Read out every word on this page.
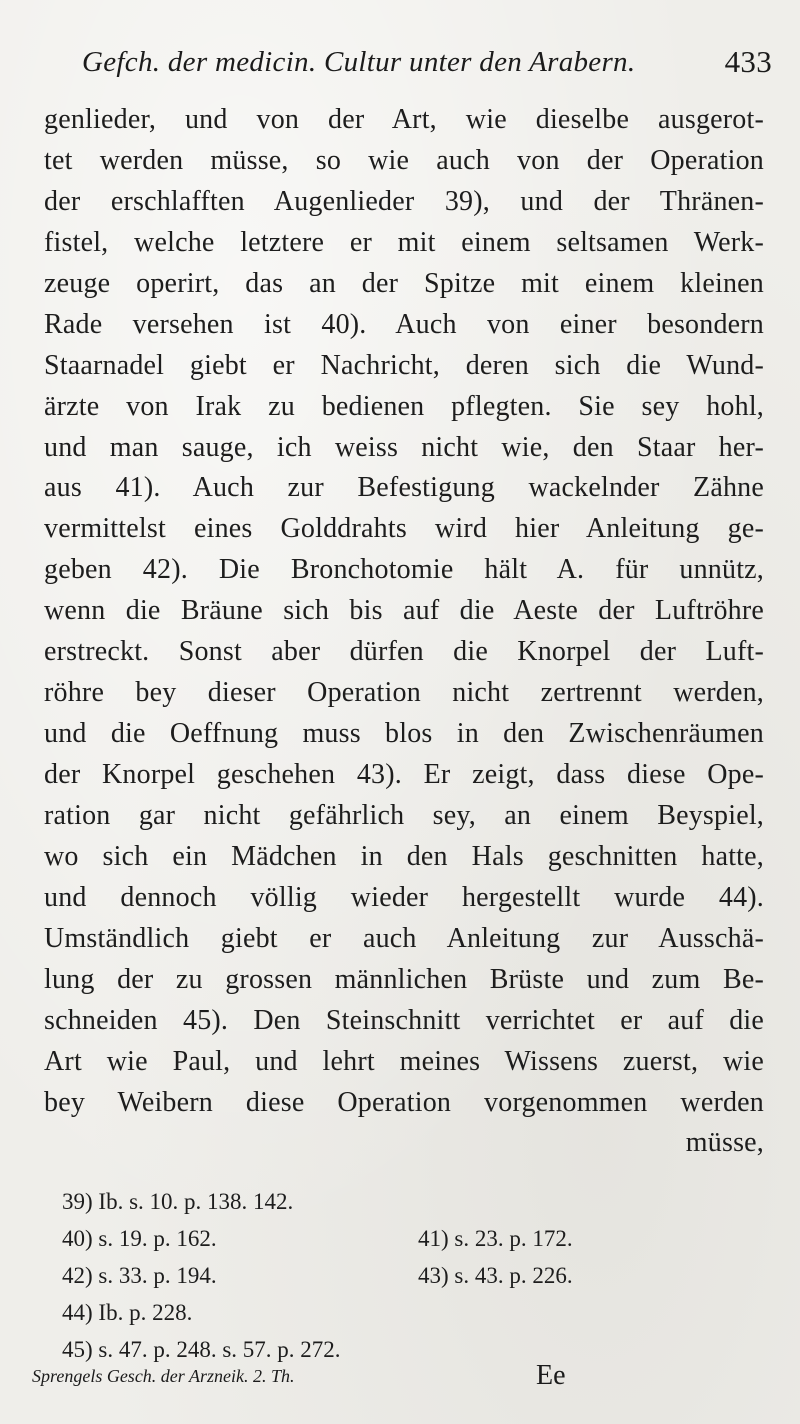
Gefch. der medicin. Cultur unter den Arabern.	433
genlieder, und von der Art, wie dieselbe ausgerot-
tet werden müsse, so wie auch von der Operation
der erschlafften Augenlieder 39), und der Thränen-
fistel, welche letztere er mit einem seltsamen Werk-
zeuge operirt, das an der Spitze mit einem kleinen
Rade versehen ist 40). Auch von einer besondern
Staarnadel giebt er Nachricht, deren sich die Wund-
ärzte von Irak zu bedienen pflegten. Sie sey hohl,
und man sauge, ich weiss nicht wie, den Staar her-
aus 41). Auch zur Befestigung wackelnder Zähne
vermittelst eines Golddrahts wird hier Anleitung ge-
geben 42). Die Bronchotomie hält A. für unnütz,
wenn die Bräune sich bis auf die Aeste der Luftröhre
erstreckt. Sonst aber dürfen die Knorpel der Luft-
röhre bey dieser Operation nicht zertrennt werden,
und die Oeffnung muss blos in den Zwischenräumen
der Knorpel geschehen 43). Er zeigt, dass diese Ope-
ration gar nicht gefährlich sey, an einem Beyspiel,
wo sich ein Mädchen in den Hals geschnitten hatte,
und dennoch völlig wieder hergestellt wurde 44).
Umständlich giebt er auch Anleitung zur Ausschä-
lung der zu grossen männlichen Brüste und zum Be-
schneiden 45). Den Steinschnitt verrichtet er auf die
Art wie Paul, und lehrt meines Wissens zuerst, wie
bey Weibern diese Operation vorgenommen werden
müsse,
39) Ib. s. 10. p. 138. 142.
40) s. 19. p. 162.	41) s. 23. p. 172.
42) s. 33. p. 194.	43) s. 43. p. 226.
44) Ib. p. 228.
45) s. 47. p. 248. s. 57. p. 272.
Sprengels Gesch. der Arzneik. 2. Th.	Ee
